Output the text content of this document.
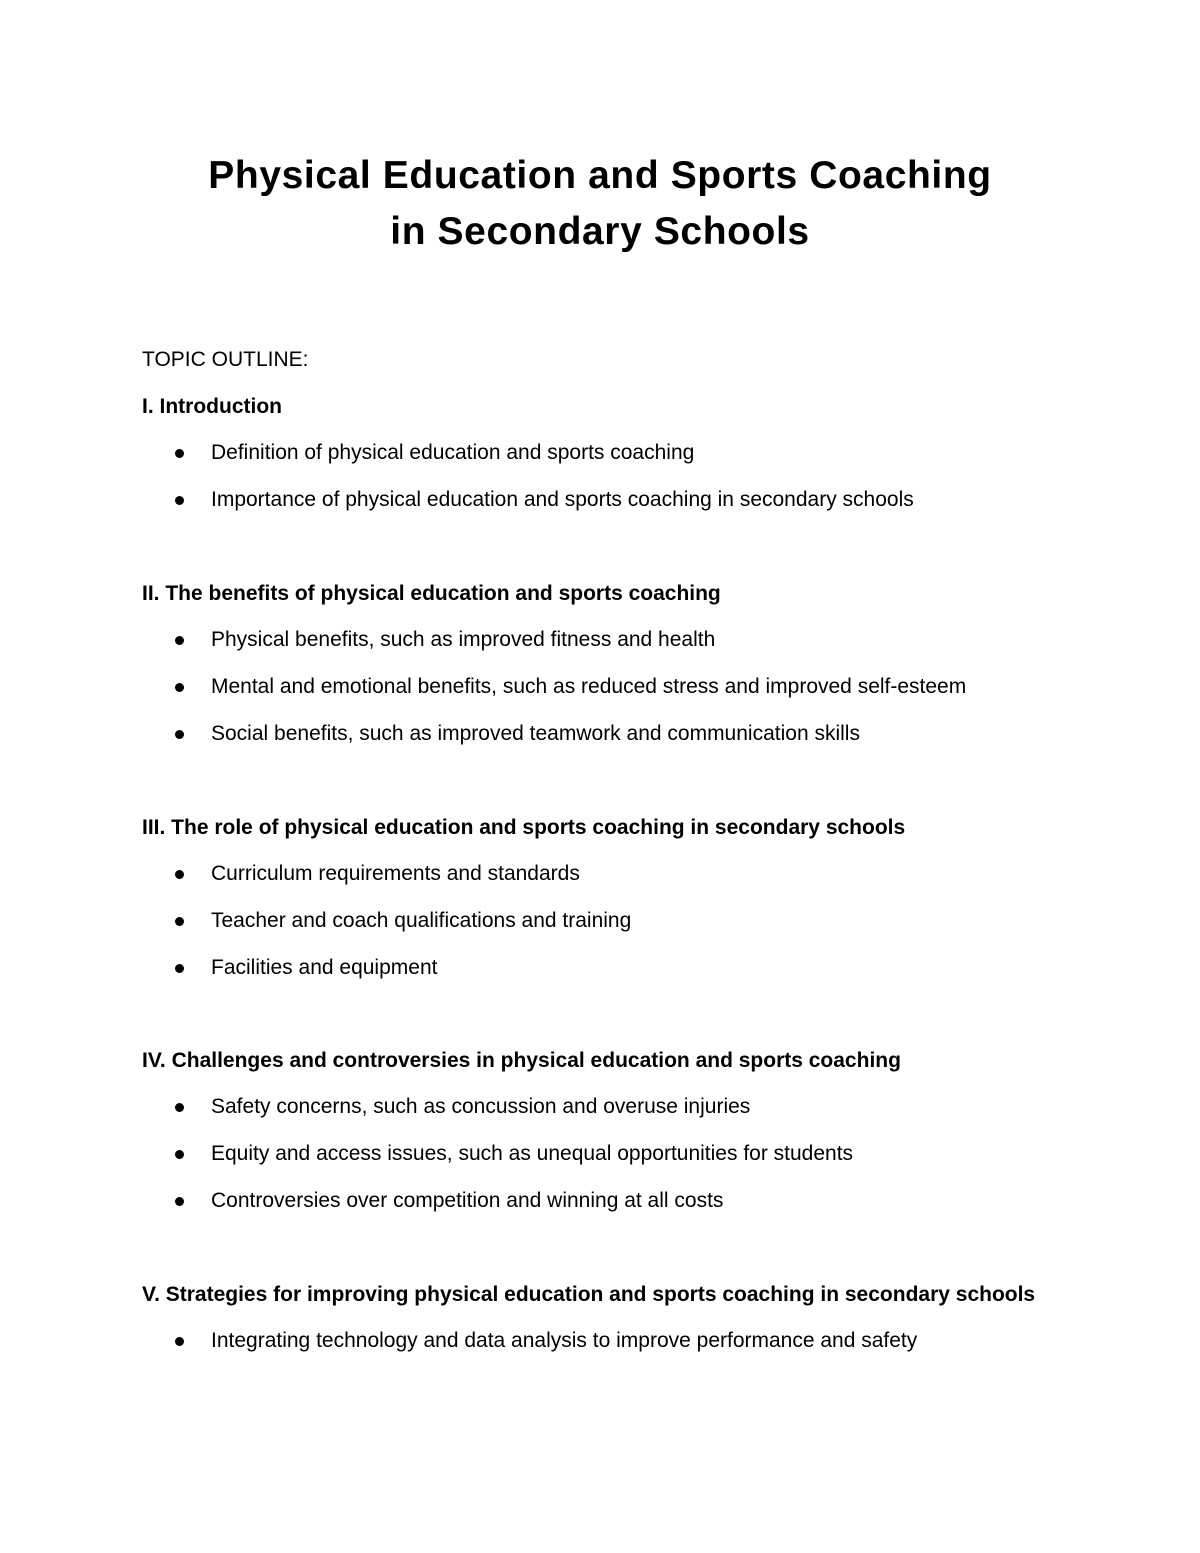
Physical Education and Sports Coaching
in Secondary Schools
TOPIC OUTLINE:

I. Introduction

Definition of physical education and sports coaching
Importance of physical education and sports coaching in secondary schools

II. The benefits of physical education and sports coaching

Physical benefits, such as improved fitness and health
Mental and emotional benefits, such as reduced stress and improved self-esteem
Social benefits, such as improved teamwork and communication skills

III. The role of physical education and sports coaching in secondary schools

Curriculum requirements and standards
Teacher and coach qualifications and training
Facilities and equipment

IV. Challenges and controversies in physical education and sports coaching

Safety concerns, such as concussion and overuse injuries
Equity and access issues, such as unequal opportunities for students
Controversies over competition and winning at all costs

V. Strategies for improving physical education and sports coaching in secondary schools

Integrating technology and data analysis to improve performance and safety
